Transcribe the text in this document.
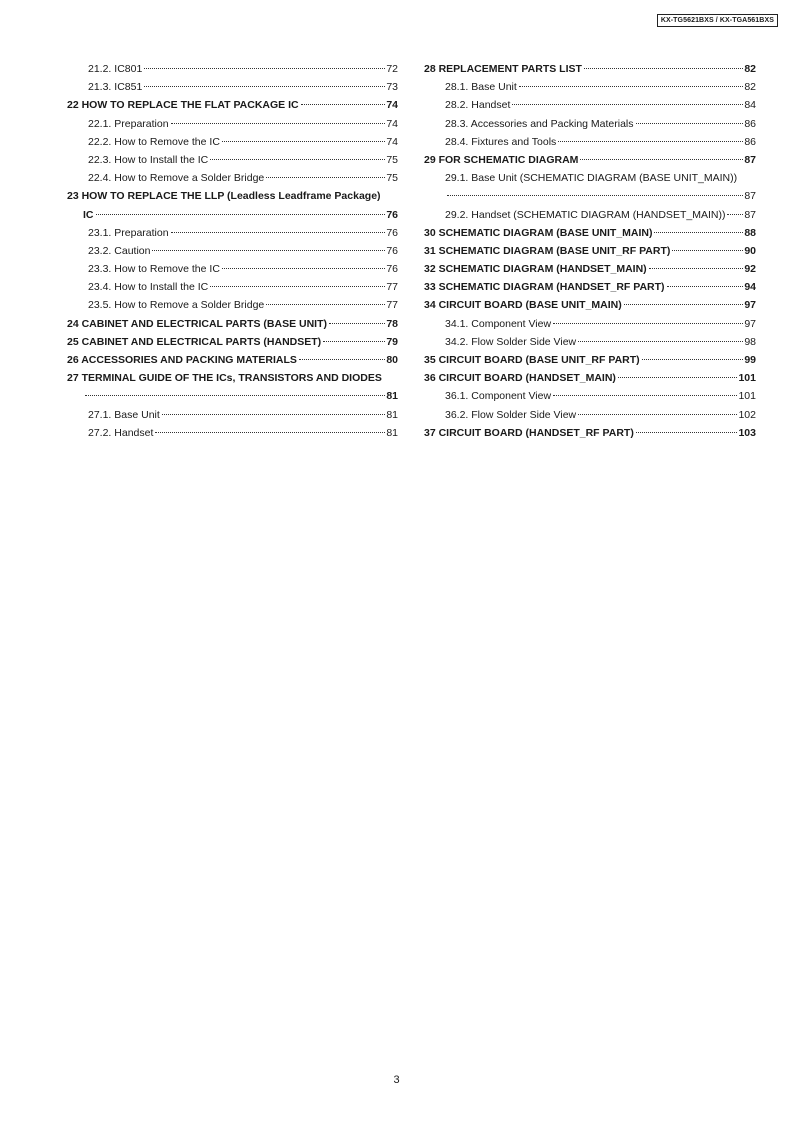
KX-TG5621BXS / KX-TGA561BXS
21.2. IC801	72
21.3. IC851	73
22 HOW TO REPLACE THE FLAT PACKAGE IC	74
22.1. Preparation	74
22.2. How to Remove the IC	74
22.3. How to Install the IC	75
22.4. How to Remove a Solder Bridge	75
23 HOW TO REPLACE THE LLP (Leadless Leadframe Package)
IC	76
23.1. Preparation	76
23.2. Caution	76
23.3. How to Remove the IC	76
23.4. How to Install the IC	77
23.5. How to Remove a Solder Bridge	77
24 CABINET AND ELECTRICAL PARTS (BASE UNIT)	78
25 CABINET AND ELECTRICAL PARTS (HANDSET)	79
26 ACCESSORIES AND PACKING MATERIALS	80
27 TERMINAL GUIDE OF THE ICs, TRANSISTORS AND DIODES
81
27.1. Base Unit	81
27.2. Handset	81
28 REPLACEMENT PARTS LIST	82
28.1. Base Unit	82
28.2. Handset	84
28.3. Accessories and Packing Materials	86
28.4. Fixtures and Tools	86
29 FOR SCHEMATIC DIAGRAM	87
29.1. Base Unit (SCHEMATIC DIAGRAM (BASE UNIT_MAIN))
87
29.2. Handset (SCHEMATIC DIAGRAM (HANDSET_MAIN)) 87
30 SCHEMATIC DIAGRAM (BASE UNIT_MAIN)	88
31 SCHEMATIC DIAGRAM (BASE UNIT_RF PART)	90
32 SCHEMATIC DIAGRAM (HANDSET_MAIN)	92
33 SCHEMATIC DIAGRAM (HANDSET_RF PART)	94
34 CIRCUIT BOARD (BASE UNIT_MAIN)	97
34.1. Component View	97
34.2. Flow Solder Side View	98
35 CIRCUIT BOARD (BASE UNIT_RF PART)	99
36 CIRCUIT BOARD (HANDSET_MAIN)	101
36.1. Component View	101
36.2. Flow Solder Side View	102
37 CIRCUIT BOARD (HANDSET_RF PART)	103
3
